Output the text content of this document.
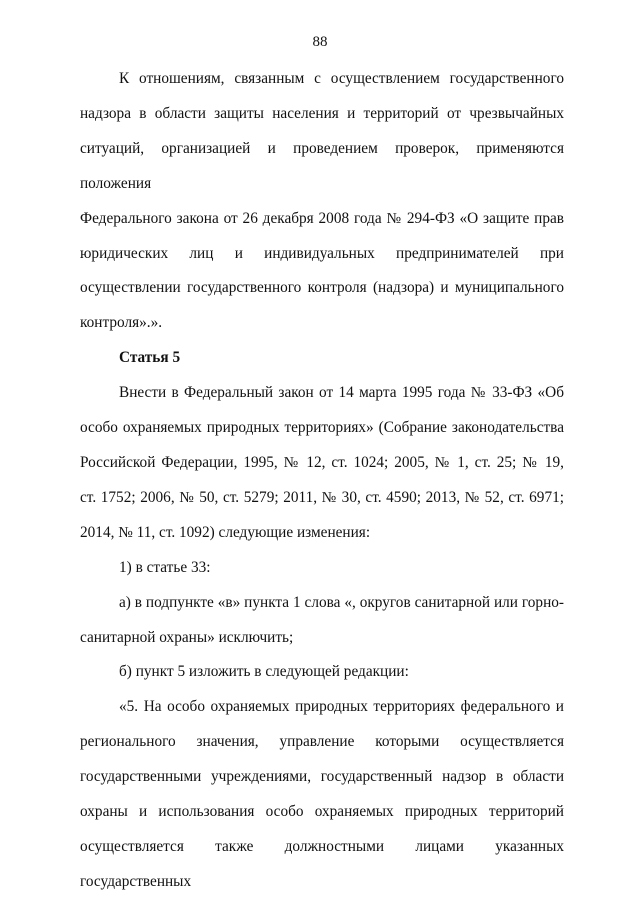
88

К отношениям, связанным с осуществлением государственного

надзора в области защиты населения и территорий от чрезвычайных

ситуаций, организацией и проведением проверок, применяются положения

Федерального закона от 26 декабря 2008 года № 294-ФЗ «О защите прав

юридических лиц и индивидуальных предпринимателей при

осуществлении государственного контроля (надзора) и муниципального

контроля».».

Статья 5

Внести в Федеральный закон от 14 марта 1995 года № 33-ФЗ «Об

особо охраняемых природных территориях» (Собрание законодательства

Российской Федерации, 1995, № 12, ст. 1024; 2005, № 1, ст. 25; № 19,

ст. 1752; 2006, № 50, ст. 5279; 2011, № 30, ст. 4590; 2013, № 52, ст. 6971;

2014, № 11, ст. 1092) следующие изменения:

1) в статье 33:

а) в подпункте «в» пункта 1 слова «, округов санитарной или горно-

санитарной охраны» исключить;

б) пункт 5 изложить в следующей редакции:

«5. На особо охраняемых природных территориях федерального и

регионального значения, управление которыми осуществляется

государственными учреждениями, государственный надзор в области

охраны и использования особо охраняемых природных территорий

осуществляется также должностными лицами указанных государственных
